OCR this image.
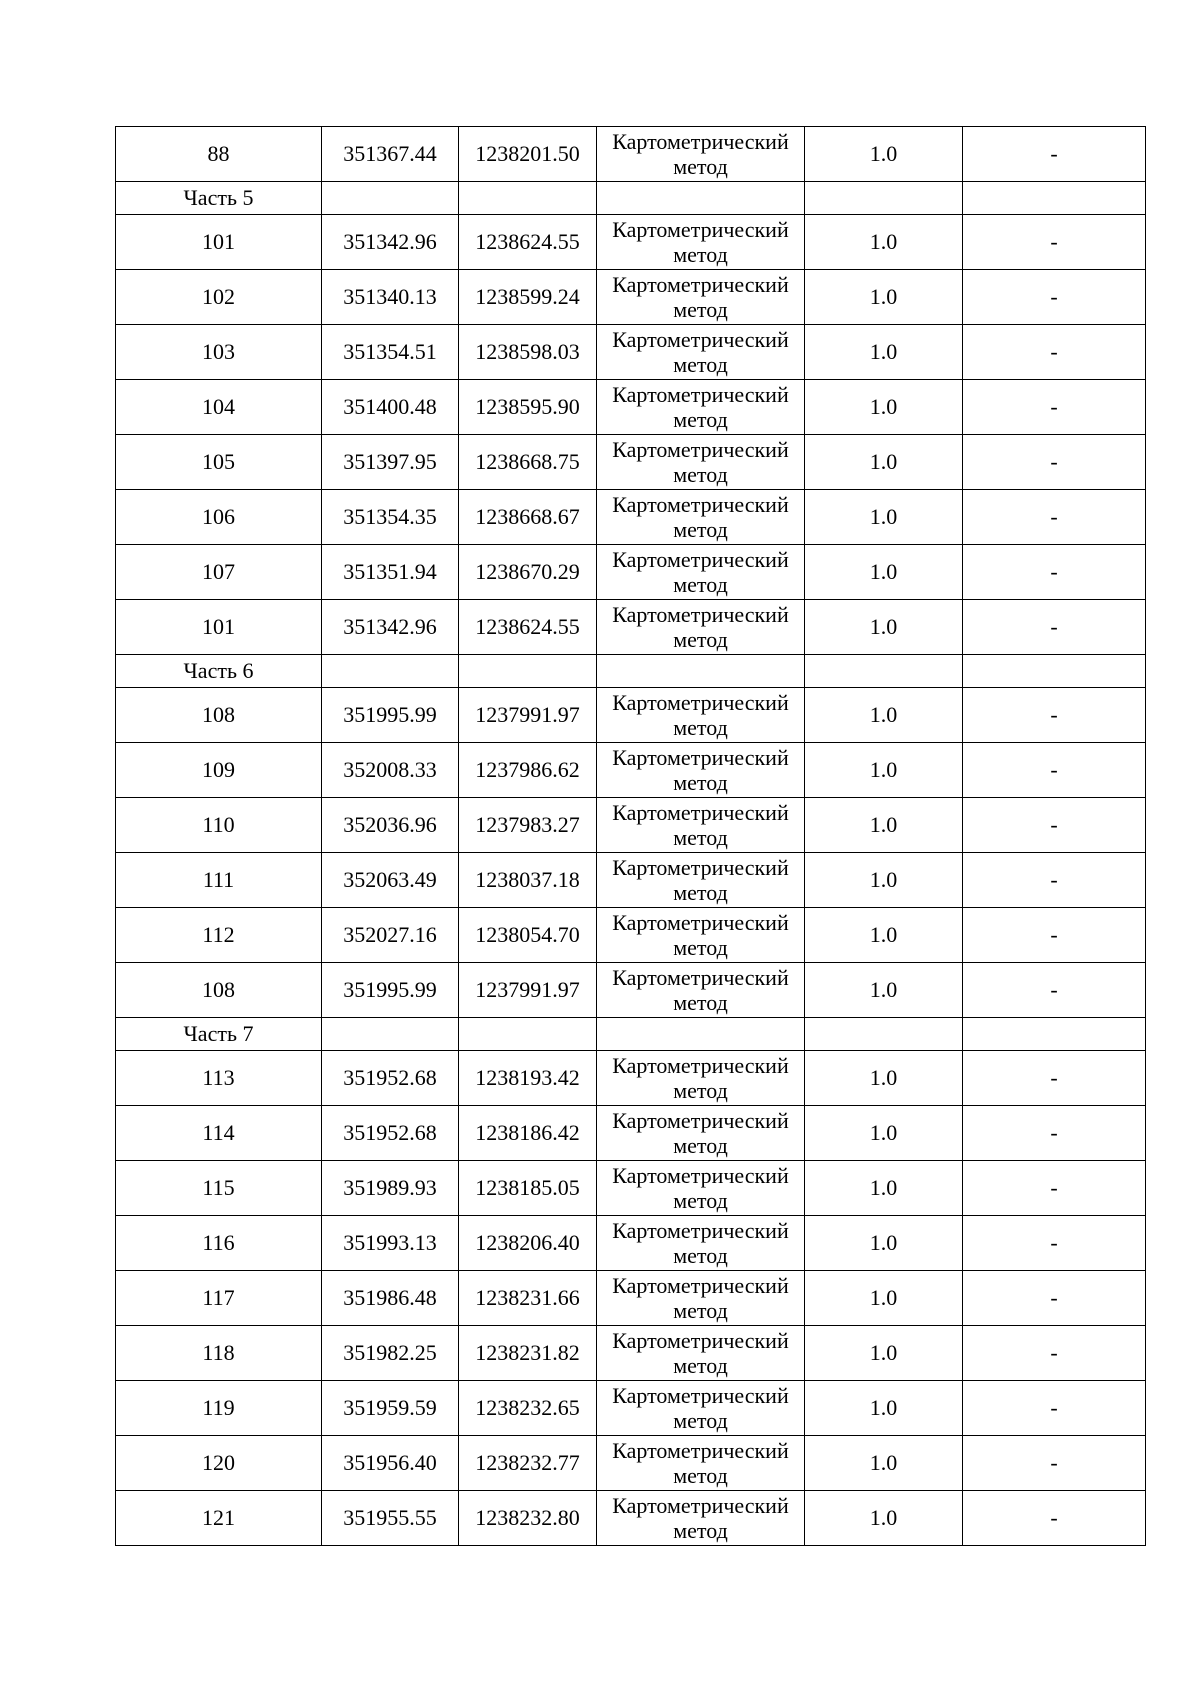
88	351367.44	1238201.50	Картометрический
метод	1.0	-
Часть 5					
101	351342.96	1238624.55	Картометрический
метод	1.0	-
102	351340.13	1238599.24	Картометрический
метод	1.0	-
103	351354.51	1238598.03	Картометрический
метод	1.0	-
104	351400.48	1238595.90	Картометрический
метод	1.0	-
105	351397.95	1238668.75	Картометрический
метод	1.0	-
106	351354.35	1238668.67	Картометрический
метод	1.0	-
107	351351.94	1238670.29	Картометрический
метод	1.0	-
101	351342.96	1238624.55	Картометрический
метод	1.0	-
Часть 6					
108	351995.99	1237991.97	Картометрический
метод	1.0	-
109	352008.33	1237986.62	Картометрический
метод	1.0	-
110	352036.96	1237983.27	Картометрический
метод	1.0	-
111	352063.49	1238037.18	Картометрический
метод	1.0	-
112	352027.16	1238054.70	Картометрический
метод	1.0	-
108	351995.99	1237991.97	Картометрический
метод	1.0	-
Часть 7					
113	351952.68	1238193.42	Картометрический
метод	1.0	-
114	351952.68	1238186.42	Картометрический
метод	1.0	-
115	351989.93	1238185.05	Картометрический
метод	1.0	-
116	351993.13	1238206.40	Картометрический
метод	1.0	-
117	351986.48	1238231.66	Картометрический
метод	1.0	-
118	351982.25	1238231.82	Картометрический
метод	1.0	-
119	351959.59	1238232.65	Картометрический
метод	1.0	-
120	351956.40	1238232.77	Картометрический
метод	1.0	-
121	351955.55	1238232.80	Картометрический
метод	1.0	-
